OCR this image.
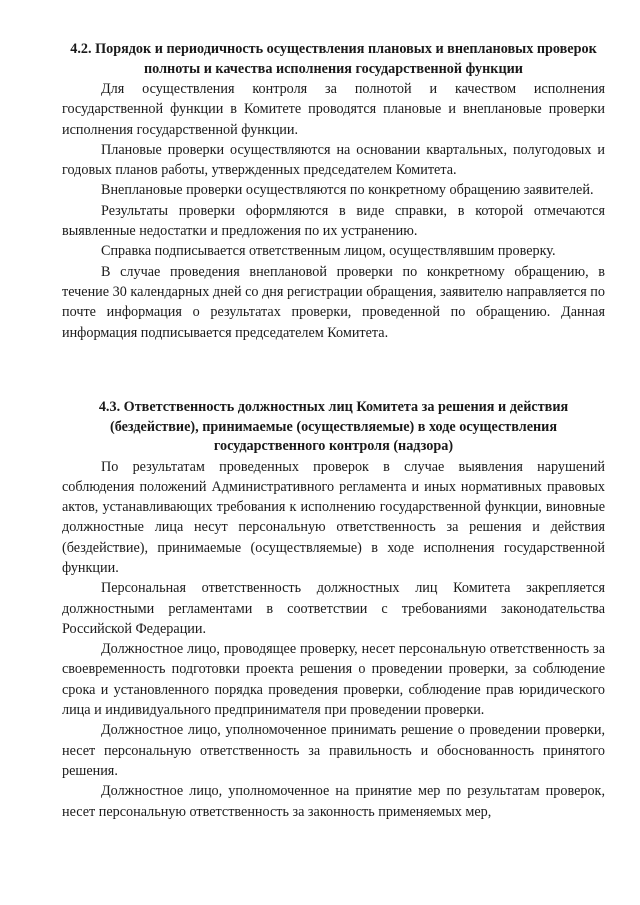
4.2. Порядок и периодичность осуществления плановых и внеплановых проверок полноты и качества исполнения государственной функции

Для осуществления контроля за полнотой и качеством исполнения государственной функции в Комитете проводятся плановые и внеплановые проверки исполнения государственной функции.

Плановые проверки осуществляются на основании квартальных, полугодовых и годовых планов работы, утвержденных председателем Комитета.

Внеплановые проверки осуществляются по конкретному обращению заявителей.

Результаты проверки оформляются в виде справки, в которой отмечаются выявленные недостатки и предложения по их устранению.

Справка подписывается ответственным лицом, осуществлявшим проверку.

В случае проведения внеплановой проверки по конкретному обращению, в течение 30 календарных дней со дня регистрации обращения, заявителю направляется по почте информация о результатах проверки, проведенной по обращению. Данная информация подписывается председателем Комитета.

4.3. Ответственность должностных лиц Комитета за решения и действия (бездействие), принимаемые (осуществляемые) в ходе осуществления государственного контроля (надзора)

По результатам проведенных проверок в случае выявления нарушений соблюдения положений Административного регламента и иных нормативных правовых актов, устанавливающих требования к исполнению государственной функции, виновные должностные лица несут персональную ответственность за решения и действия (бездействие), принимаемые (осуществляемые) в ходе исполнения государственной функции.

Персональная ответственность должностных лиц Комитета закрепляется должностными регламентами в соответствии с требованиями законодательства Российской Федерации.

Должностное лицо, проводящее проверку, несет персональную ответственность за своевременность подготовки проекта решения о проведении проверки, за соблюдение срока и установленного порядка проведения проверки, соблюдение прав юридического лица и индивидуального предпринимателя при проведении проверки.

Должностное лицо, уполномоченное принимать решение о проведении проверки, несет персональную ответственность за правильность и обоснованность принятого решения.

Должностное лицо, уполномоченное на принятие мер по результатам проверок, несет персональную ответственность за законность применяемых мер,
